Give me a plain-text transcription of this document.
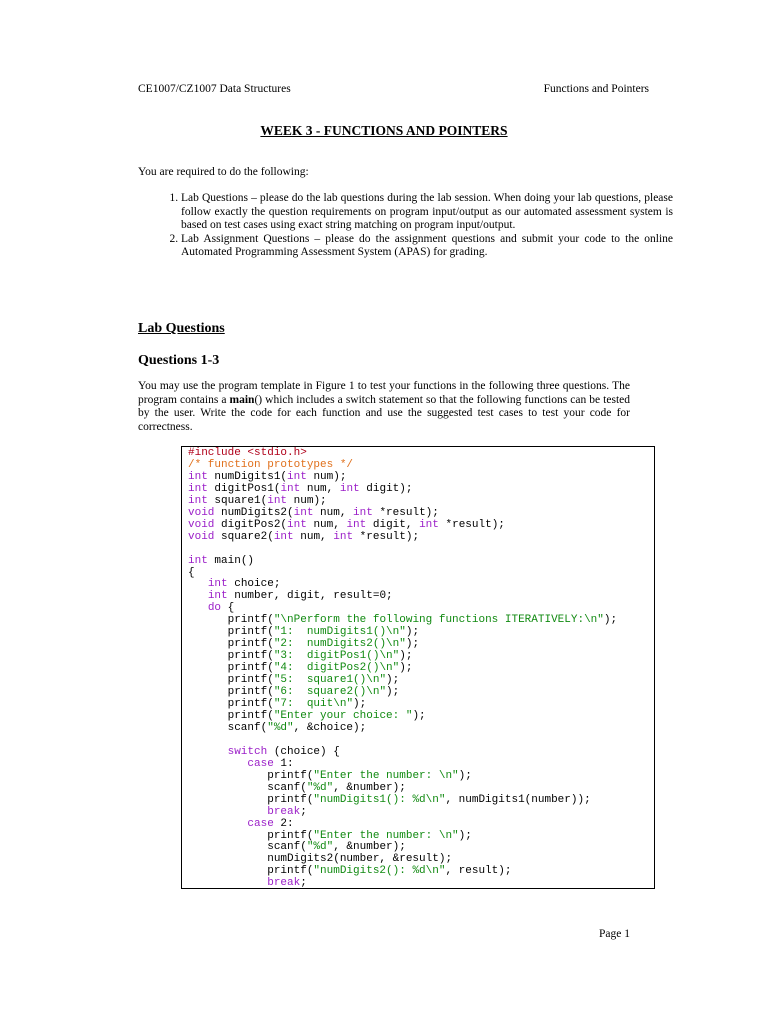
CE1007/CZ1007 Data Structures	Functions and Pointers
WEEK 3 - FUNCTIONS AND POINTERS
You are required to do the following:
1. Lab Questions – please do the lab questions during the lab session. When doing your lab questions, please follow exactly the question requirements on program input/output as our automated assessment system is based on test cases using exact string matching on program input/output.
2. Lab Assignment Questions – please do the assignment questions and submit your code to the online Automated Programming Assessment System (APAS) for grading.
Lab Questions
Questions 1-3
You may use the program template in Figure 1 to test your functions in the following three questions. The program contains a main() which includes a switch statement so that the following functions can be tested by the user. Write the code for each function and use the suggested test cases to test your code for correctness.
#include <stdio.h>
/* function prototypes */
int numDigits1(int num);
int digitPos1(int num, int digit);
int square1(int num);
void numDigits2(int num, int *result);
void digitPos2(int num, int digit, int *result);
void square2(int num, int *result);

int main()
{
int choice;
int number, digit, result=0;
do {
printf("\nPerform the following functions ITERATIVELY:\n");
printf("1:  numDigits1()\n");
printf("2:  numDigits2()\n");
printf("3:  digitPos1()\n");
printf("4:  digitPos2()\n");
printf("5:  square1()\n");
printf("6:  square2()\n");
printf("7:  quit\n");
printf("Enter your choice: ");
scanf("%d", &choice);

switch (choice) {
case 1:
printf("Enter the number: \n");
scanf("%d", &number);
printf("numDigits1(): %d\n", numDigits1(number));
break;
case 2:
printf("Enter the number: \n");
scanf("%d", &number);
numDigits2(number, &result);
printf("numDigits2(): %d\n", result);
break;
Page 1
